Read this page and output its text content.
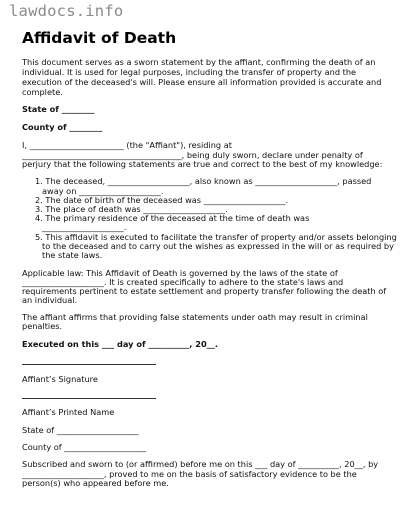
lawdocs.info
Affidavit of Death
This document serves as a sworn statement by the affiant, confirming the death of an
individual. It is used for legal purposes, including the transfer of property and the
execution of the deceased's will. Please ensure all information provided is accurate and
complete.
State of ________
County of ________
I, _______________________ (the "Affiant"), residing at
_______________________________________, being duly sworn, declare under penalty of
perjury that the following statements are true and correct to the best of my knowledge:
1. The deceased, ____________________, also known as ____________________, passed
away on ____________________.
2. The date of birth of the deceased was ____________________.
3. The place of death was ____________________.
4. The primary residence of the deceased at the time of death was
____________________.
5. This affidavit is executed to facilitate the transfer of property and/or assets belonging
to the deceased and to carry out the wishes as expressed in the will or as required by
the state laws.
Applicable law: This Affidavit of Death is governed by the laws of the state of
____________________. It is created specifically to adhere to the state's laws and
requirements pertinent to estate settlement and property transfer following the death of
an individual.
The affiant affirms that providing false statements under oath may result in criminal
penalties.
Executed on this ___ day of __________, 20__.
Affiant’s Signature
Affiant’s Printed Name
State of ____________________
County of ____________________
Subscribed and sworn to (or affirmed) before me on this ___ day of __________, 20__, by
____________________, proved to me on the basis of satisfactory evidence to be the
person(s) who appeared before me.
